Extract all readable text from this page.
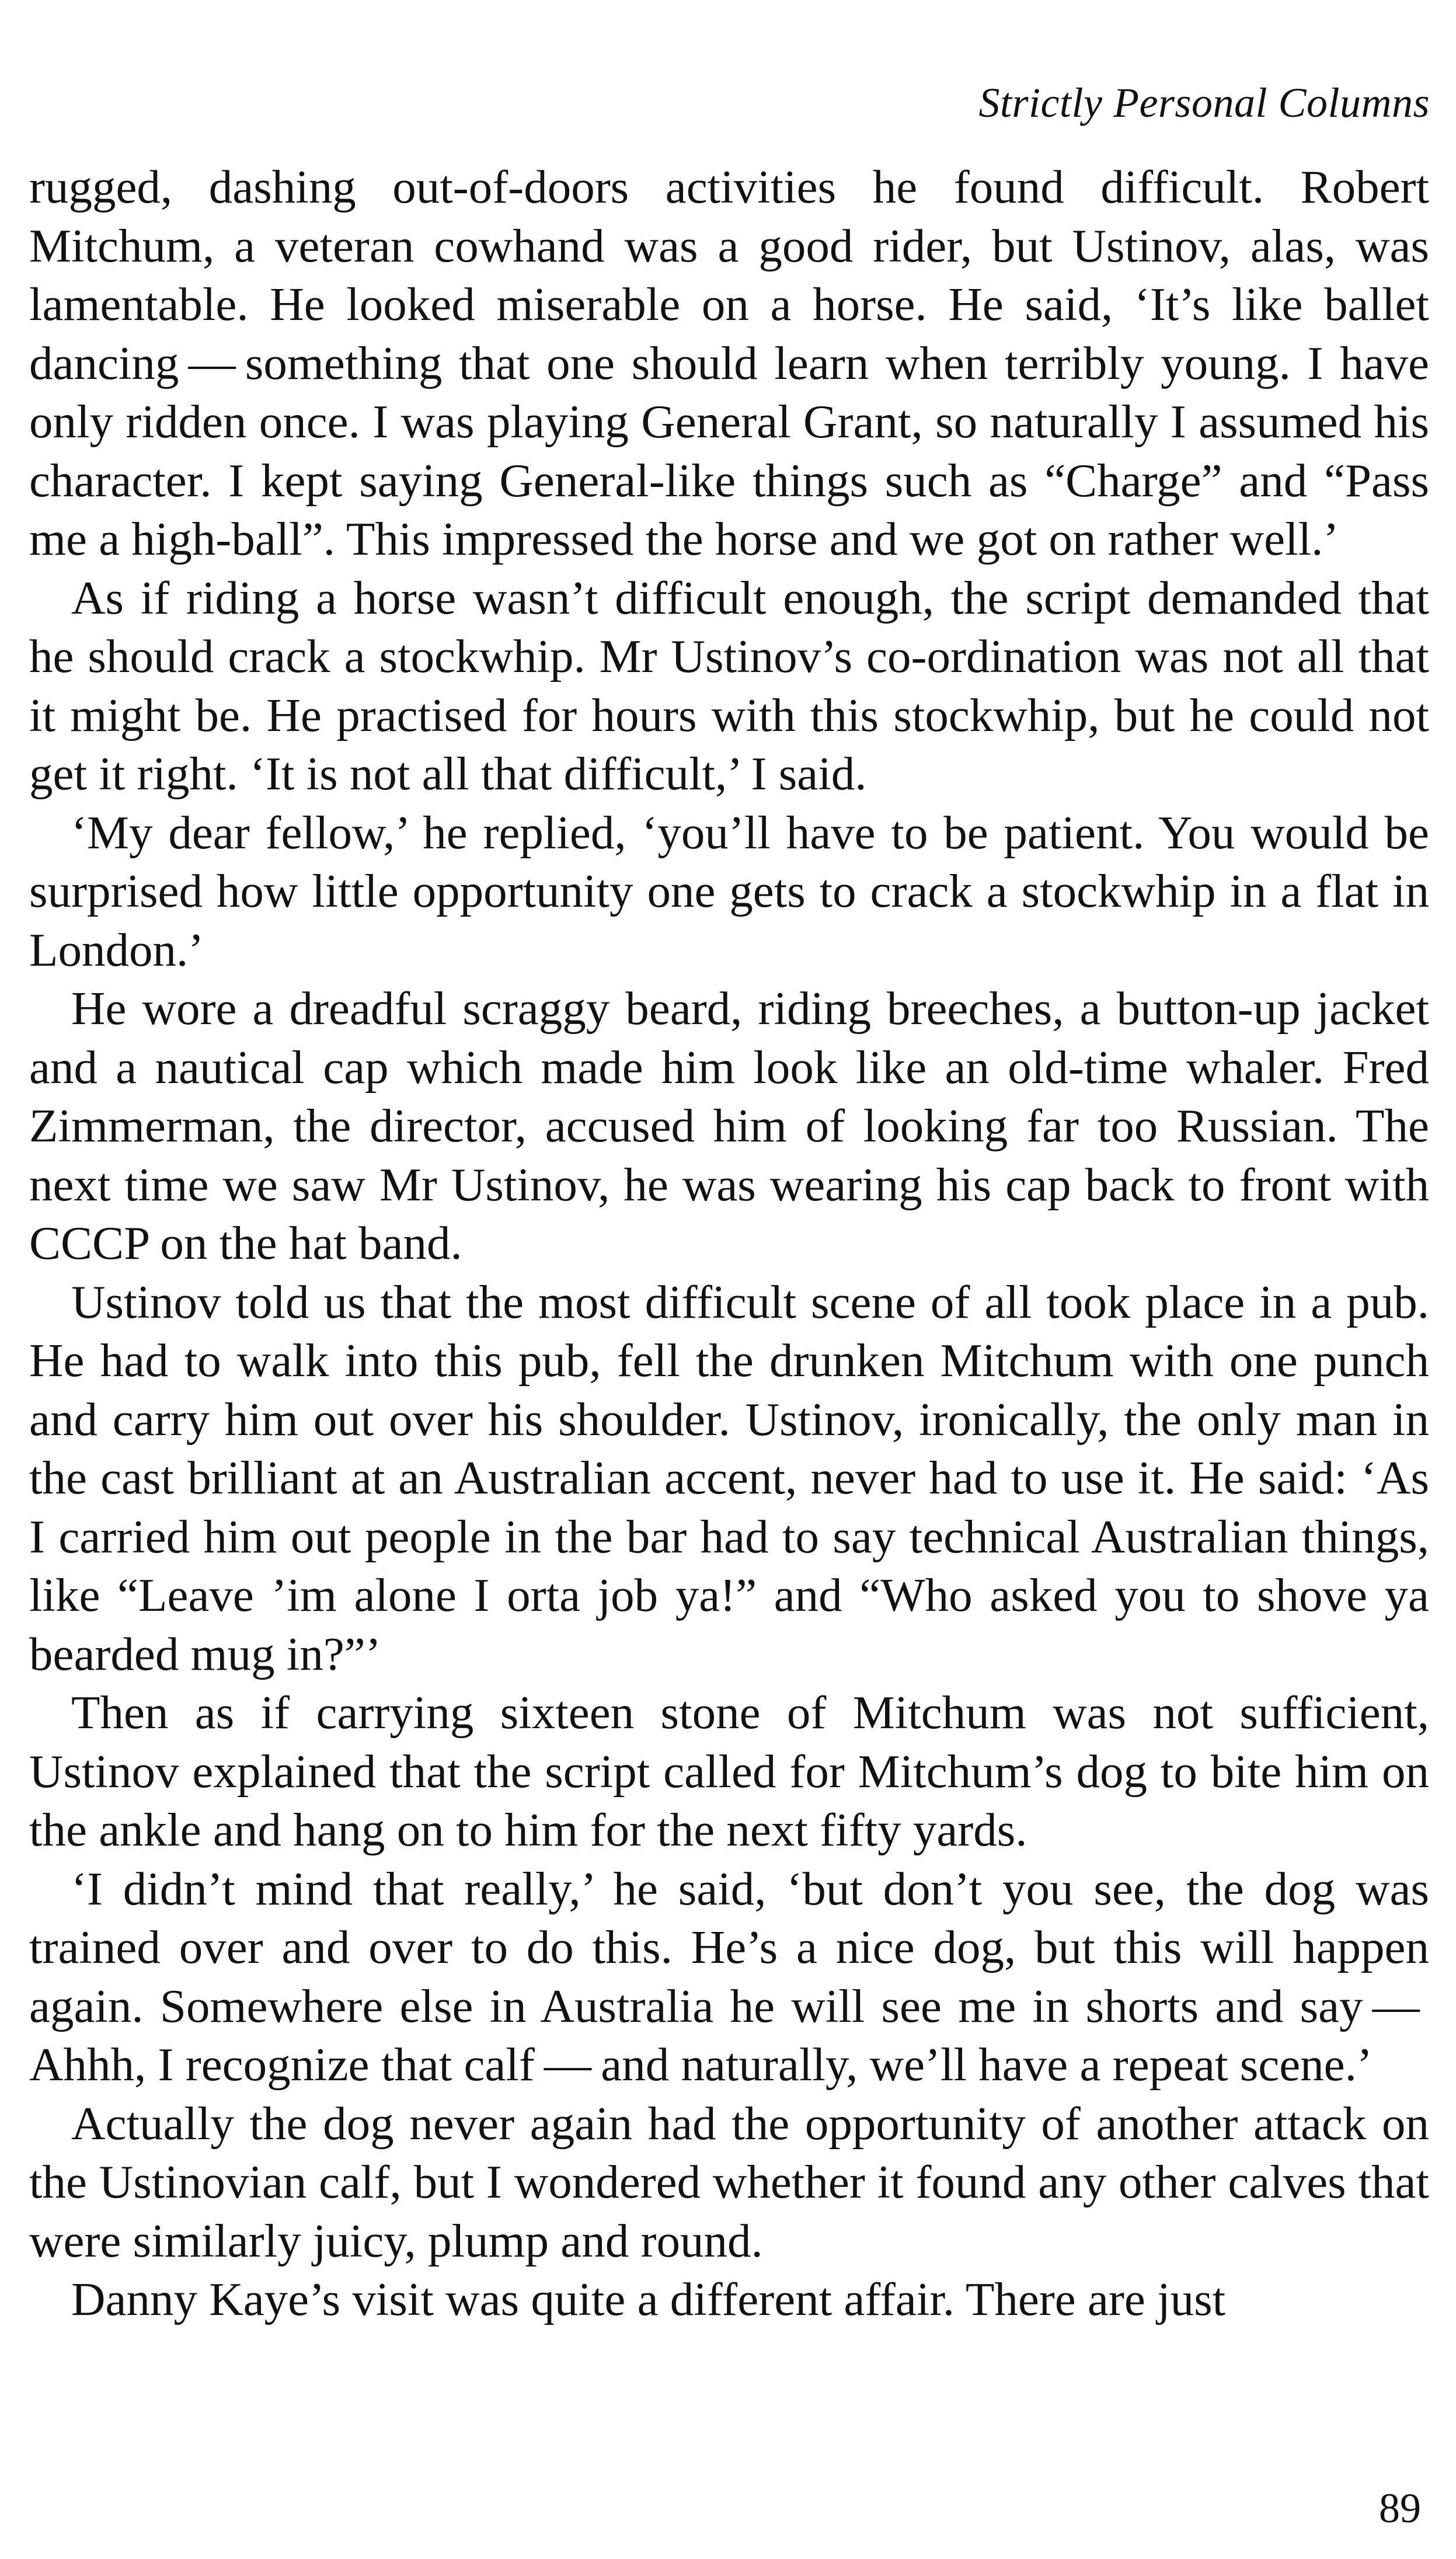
Strictly Personal Columns

rugged, dashing out-of-doors activities he found difficult. Robert Mitchum, a veteran cowhand was a good rider, but Ustinov, alas, was lamentable. He looked miserable on a horse. He said, ‘It’s like ballet dancing — something that one should learn when terribly young. I have only ridden once. I was playing General Grant, so naturally I assumed his character. I kept saying General-like things such as “Charge” and “Pass me a high-ball”. This impressed the horse and we got on rather well.’

As if riding a horse wasn’t difficult enough, the script demanded that he should crack a stockwhip. Mr Ustinov’s co-ordination was not all that it might be. He practised for hours with this stockwhip, but he could not get it right. ‘It is not all that difficult,’ I said.

‘My dear fellow,’ he replied, ‘you’ll have to be patient. You would be surprised how little opportunity one gets to crack a stockwhip in a flat in London.’

He wore a dreadful scraggy beard, riding breeches, a button-up jacket and a nautical cap which made him look like an old-time whaler. Fred Zimmerman, the director, accused him of looking far too Russian. The next time we saw Mr Ustinov, he was wearing his cap back to front with CCCP on the hat band.

Ustinov told us that the most difficult scene of all took place in a pub. He had to walk into this pub, fell the drunken Mitchum with one punch and carry him out over his shoulder. Ustinov, ironically, the only man in the cast brilliant at an Australian accent, never had to use it. He said: ‘As I carried him out people in the bar had to say technical Australian things, like “Leave ’im alone I orta job ya!” and “Who asked you to shove ya bearded mug in?”’

Then as if carrying sixteen stone of Mitchum was not sufficient, Ustinov explained that the script called for Mitchum’s dog to bite him on the ankle and hang on to him for the next fifty yards.

‘I didn’t mind that really,’ he said, ‘but don’t you see, the dog was trained over and over to do this. He’s a nice dog, but this will happen again. Somewhere else in Australia he will see me in shorts and say — Ahhh, I recognize that calf — and naturally, we’ll have a repeat scene.’

Actually the dog never again had the opportunity of another attack on the Ustinovian calf, but I wondered whether it found any other calves that were similarly juicy, plump and round.

Danny Kaye’s visit was quite a different affair. There are just

89
